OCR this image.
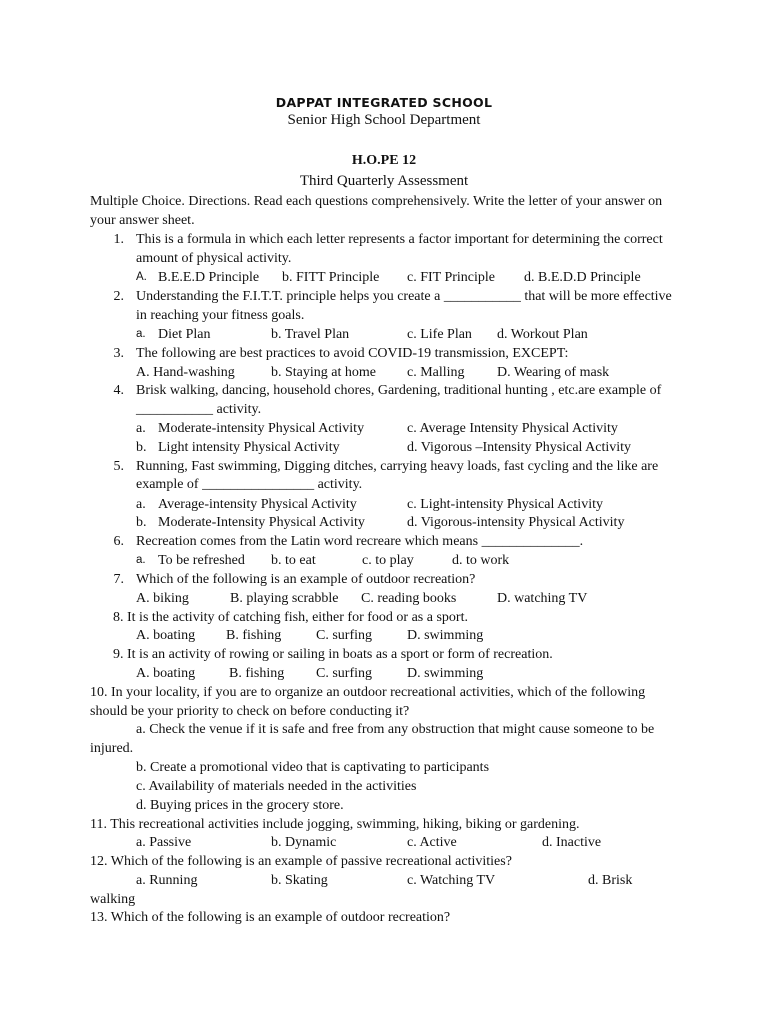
DAPPAT INTEGRATED SCHOOL
Senior High School Department
H.O.PE 12
Third Quarterly Assessment
Multiple Choice. Directions. Read each questions comprehensively. Write the letter of your answer on
your answer sheet.
1. This is a formula in which each letter represents a factor important for determining the correct
amount of physical activity.
A. B.E.E.D Principle b. FITT Principle c. FIT Principle d. B.E.D.D Principle
2. Understanding the F.I.T.T. principle helps you create a ___________ that will be more effective
in reaching your fitness goals.
a. Diet Plan	b. Travel Plan	c. Life Plan d. Workout Plan
3. The following are best practices to avoid COVID-19 transmission, EXCEPT:
A. Hand-washing	b. Staying at home c. Malling D. Wearing of mask
4. Brisk walking, dancing, household chores, Gardening, traditional hunting , etc.are example of
___________ activity.
a. Moderate-intensity Physical Activity	c. Average Intensity Physical Activity
b. Light intensity Physical Activity	d. Vigorous –Intensity Physical Activity
5. Running, Fast swimming, Digging ditches, carrying heavy loads, fast cycling and the like are
example of ________________ activity.
a. Average-intensity Physical Activity	c. Light-intensity Physical Activity
b. Moderate-Intensity Physical Activity	d. Vigorous-intensity Physical Activity
6. Recreation comes from the Latin word recreare which means ______________.
a. To be refreshed b. to eat	c. to play	d. to work
7. Which of the following is an example of outdoor recreation?
A. biking	B. playing scrabble C. reading books	D. watching TV
8. It is the activity of catching fish, either for food or as a sport.
A. boating B. fishing C. surfing	D. swimming
9. It is an activity of rowing or sailing in boats as a sport or form of recreation.
A. boating B. fishing C. surfing	D. swimming
10. In your locality, if you are to organize an outdoor recreational activities, which of the following
should be your priority to check on before conducting it?
a. Check the venue if it is safe and free from any obstruction that might cause someone to be
injured.
b. Create a promotional video that is captivating to participants
c. Availability of materials needed in the activities
d. Buying prices in the grocery store.
11. This recreational activities include jogging, swimming, hiking, biking or gardening.
a. Passive	b. Dynamic	c. Active	d. Inactive
12. Which of the following is an example of passive recreational activities?
a. Running	b. Skating	c. Watching TV	d. Brisk
walking
13. Which of the following is an example of outdoor recreation?
